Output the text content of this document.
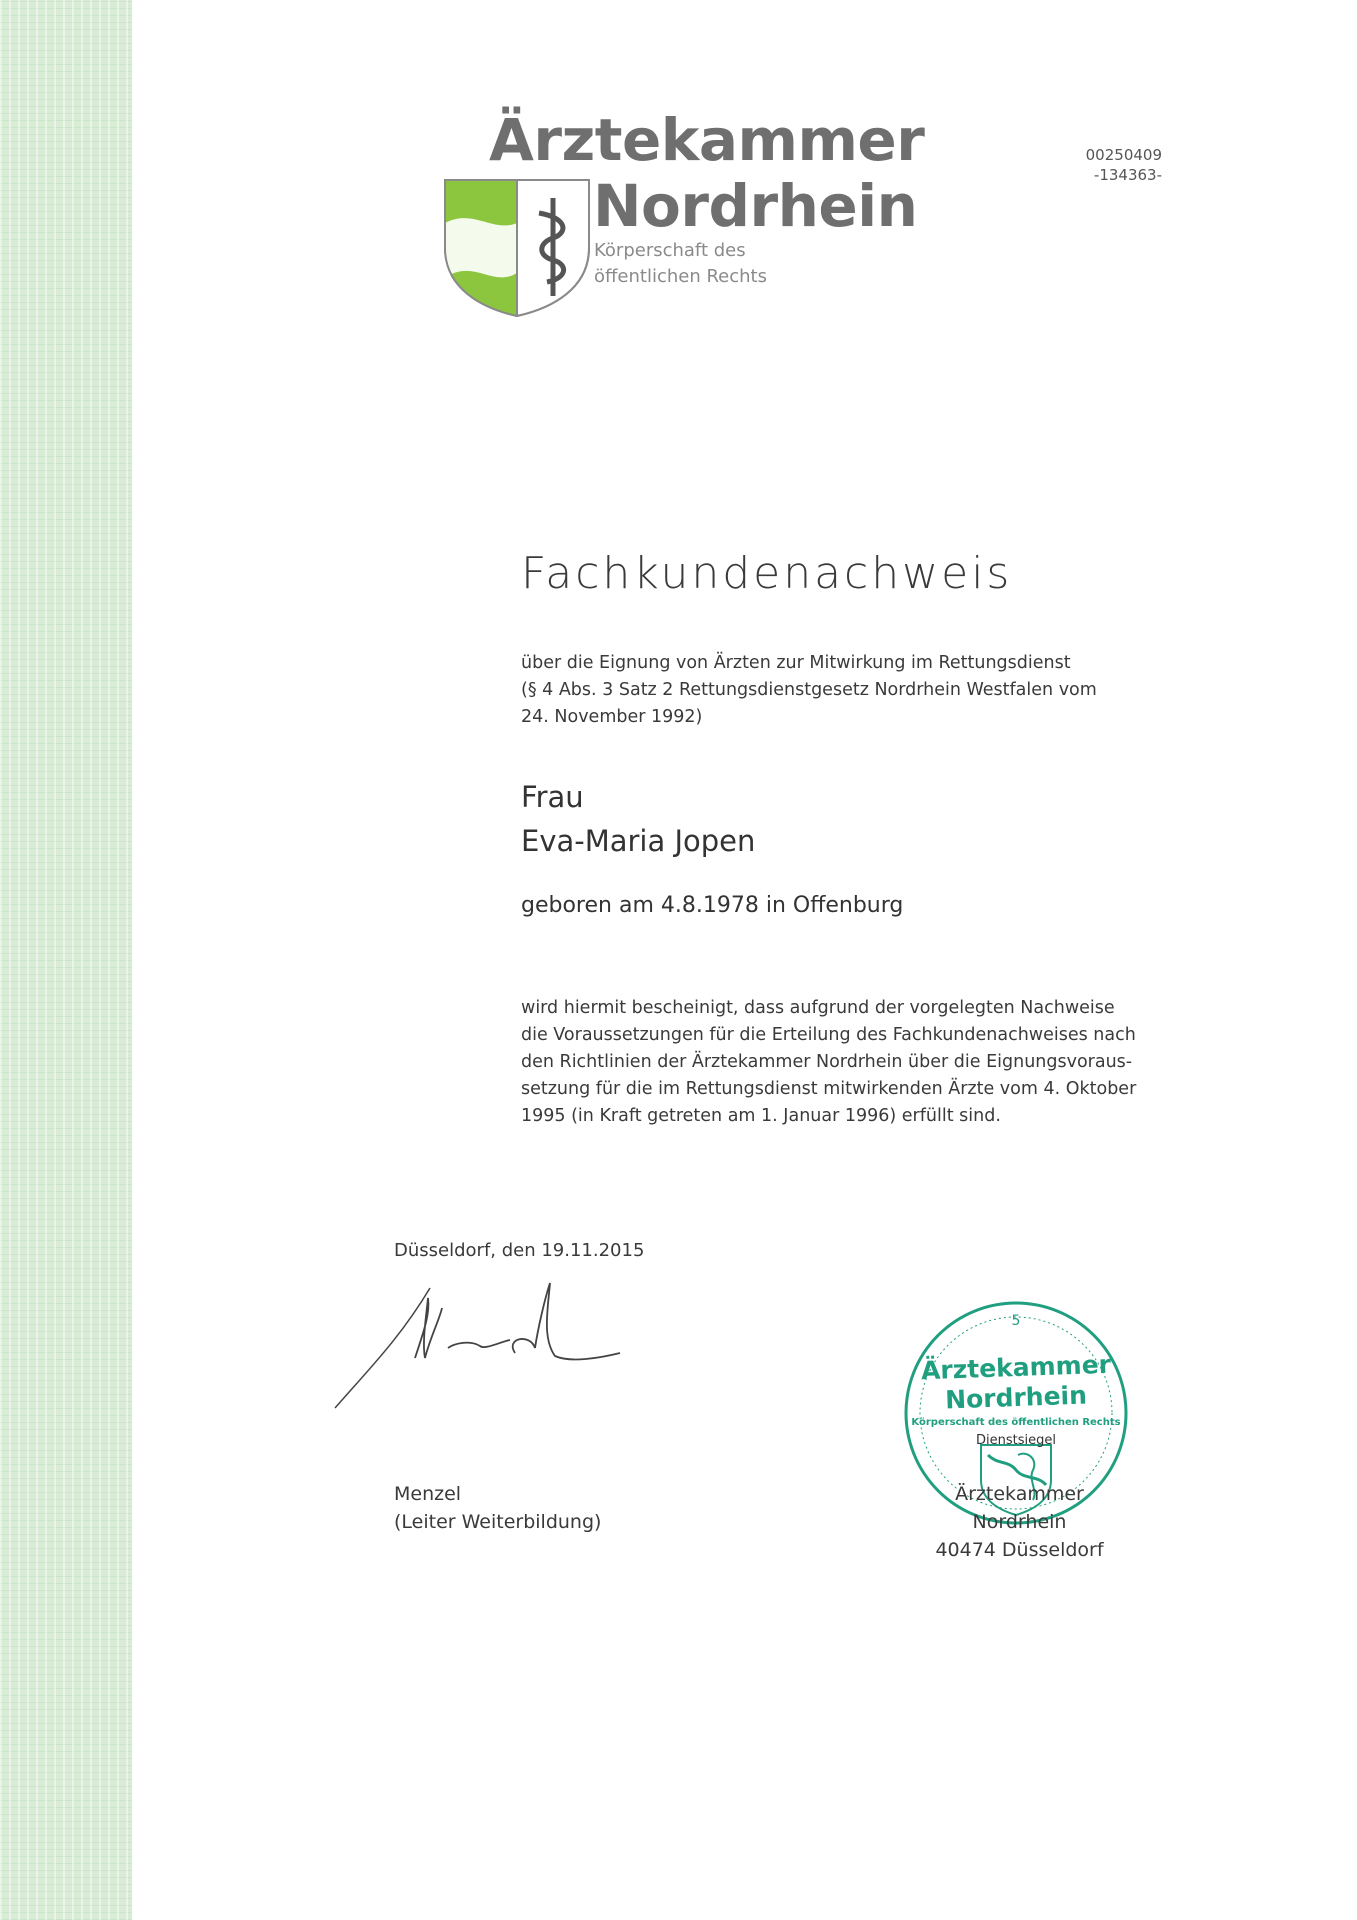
Ärztekammer
Nordrhein
Körperschaft des
öffentlichen Rechts
00250409
-134363-
Fachkundenachweis
über die Eignung von Ärzten zur Mitwirkung im Rettungsdienst
(§ 4 Abs. 3 Satz 2 Rettungsdienstgesetz Nordrhein Westfalen vom
24. November 1992)
Frau
Eva-Maria Jopen
geboren am 4.8.1978 in Offenburg
wird hiermit bescheinigt, dass aufgrund der vorgelegten Nachweise
die Voraussetzungen für die Erteilung des Fachkundenachweises nach
den Richtlinien der Ärztekammer Nordrhein über die Eignungsvoraus-
setzung für die im Rettungsdienst mitwirkenden Ärzte vom 4. Oktober
1995 (in Kraft getreten am 1. Januar 1996) erfüllt sind.
Düsseldorf, den 19.11.2015
Menzel
(Leiter Weiterbildung)
5
Ärztekammer
Nordrhein
Körperschaft des öffentlichen Rechts
Dienstsiegel
Ärztekammer Nordrhein
40474 Düsseldorf
